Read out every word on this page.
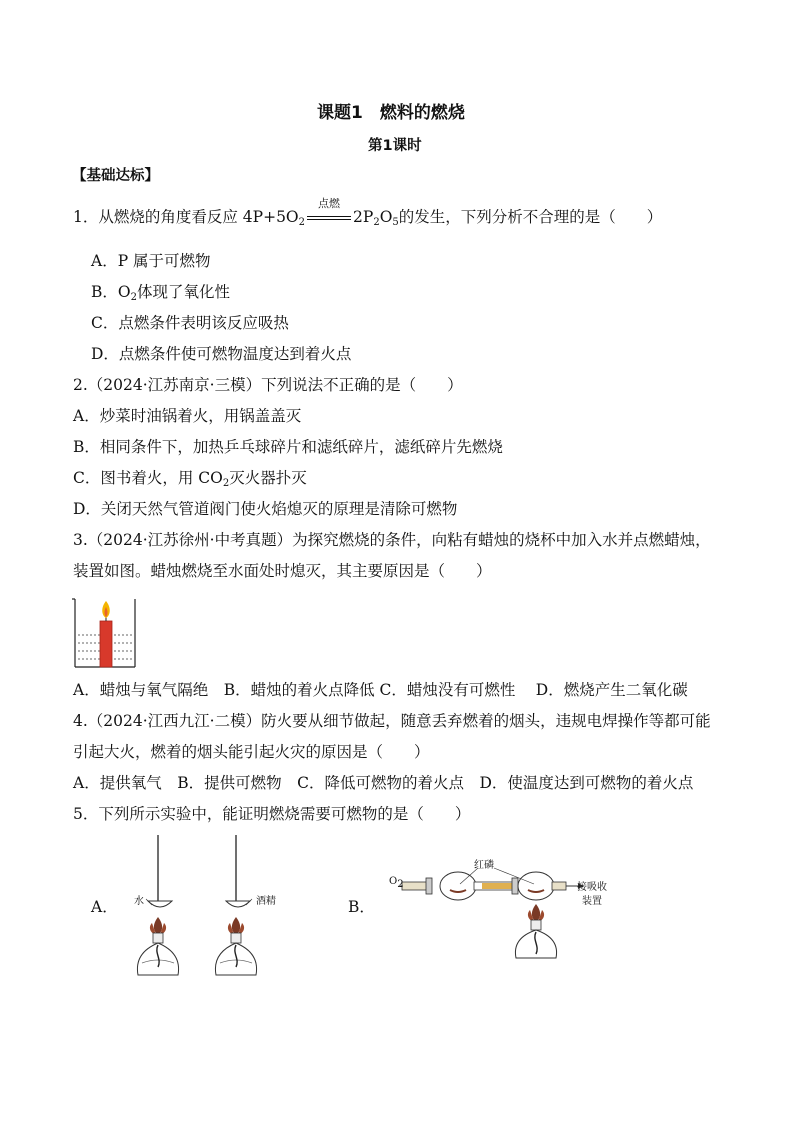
课题1　燃料的燃烧
第1课时
【基础达标】
1．从燃烧的角度看反应 $4P+5O_2$
点燃
$2P_2O_5$的发生，下列分析不合理的是（　　）
A．P 属于可燃物
B．$O_2$体现了氧化性
C．点燃条件表明该反应吸热
D．点燃条件使可燃物温度达到着火点
2.（2024·江苏南京·三模）下列说法不正确的是（　　）
A．炒菜时油锅着火，用锅盖盖灭
B．相同条件下，加热乒乓球碎片和滤纸碎片，滤纸碎片先燃烧
C．图书着火，用 $CO_2$灭火器扑灭
D．关闭天然气管道阀门使火焰熄灭的原理是清除可燃物
3.（2024·江苏徐州·中考真题）为探究燃烧的条件，向粘有蜡烛的烧杯中加入水并点燃蜡烛，
装置如图。蜡烛燃烧至水面处时熄灭，其主要原因是（　　）
A．蜡烛与氧气隔绝　B．蜡烛的着火点降低 C．蜡烛没有可燃性　 D．燃烧产生二氧化碳
4.（2024·江西九江·二模）防火要从细节做起，随意丢弃燃着的烟头，违规电焊操作等都可能
引起大火，燃着的烟头能引起火灾的原因是（　　）
A．提供氧气　B．提供可燃物　C．降低可燃物的着火点　D．使温度达到可燃物的着火点
5．下列所示实验中，能证明燃烧需要可燃物的是（　　）
A．	B．
水	酒精
$O_2$
红磷
接吸收
装置
